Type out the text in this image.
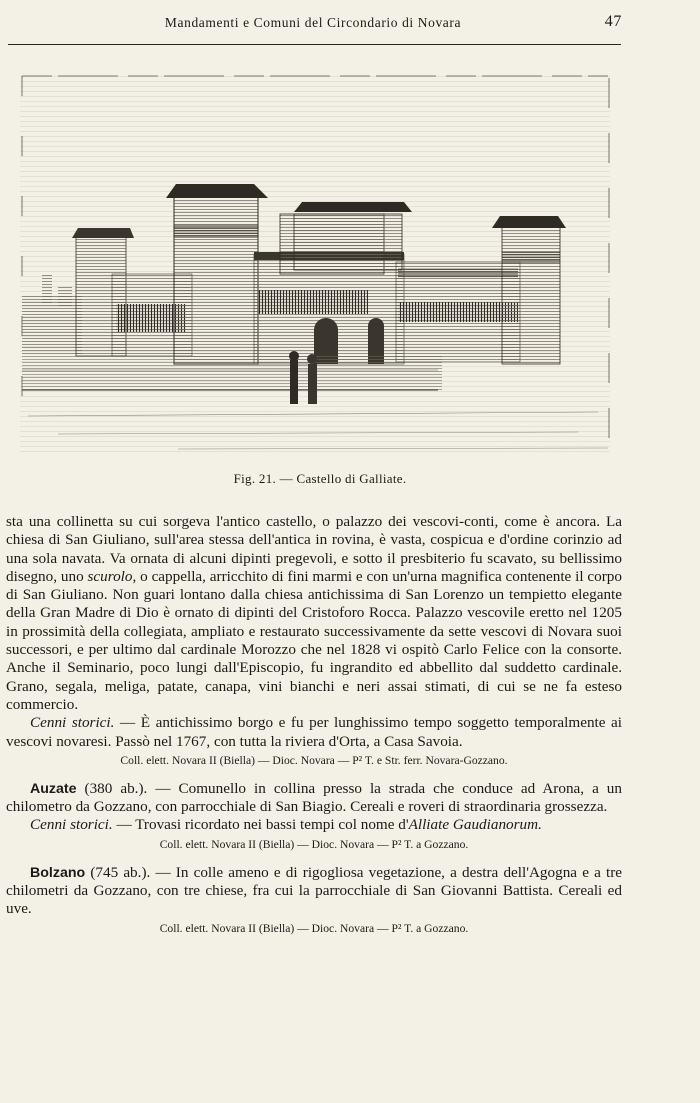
Mandamenti e Comuni del Circondario di Novara	47
Fig. 21. — Castello di Galliate.

sta una collinetta su cui sorgeva l'antico castello, o palazzo dei vescovi-conti, come è ancora. La chiesa di San Giuliano, sull'area stessa dell'antica in rovina, è vasta, cospicua e d'ordine corinzio ad una sola navata. Va ornata di alcuni dipinti pregevoli, e sotto il presbiterio fu scavato, su bellissimo disegno, uno scurolo, o cappella, arricchito di fini marmi e con un'urna magnifica contenente il corpo di San Giuliano. Non guari lontano dalla chiesa antichissima di San Lorenzo un tempietto elegante della Gran Madre di Dio è ornato di dipinti del Cristoforo Rocca. Palazzo vescovile eretto nel 1205 in prossimità della collegiata, ampliato e restaurato successivamente da sette vescovi di Novara suoi successori, e per ultimo dal cardinale Morozzo che nel 1828 vi ospitò Carlo Felice con la consorte. Anche il Seminario, poco lungi dall'Episcopio, fu ingrandito ed abbellito dal suddetto cardinale. Grano, segala, meliga, patate, canapa, vini bianchi e neri assai stimati, di cui se ne fa esteso commercio.

Cenni storici. — È antichissimo borgo e fu per lunghissimo tempo soggetto temporalmente ai vescovi novaresi. Passò nel 1767, con tutta la riviera d'Orta, a Casa Savoia.

Coll. elett. Novara II (Biella) — Dioc. Novara — P² T. e Str. ferr. Novara-Gozzano.

Auzate (380 ab.). — Comunello in collina presso la strada che conduce ad Arona, a un chilometro da Gozzano, con parrocchiale di San Biagio. Cereali e roveri di straordinaria grossezza.

Cenni storici. — Trovasi ricordato nei bassi tempi col nome d'Alliate Gaudianorum.

Coll. elett. Novara II (Biella) — Dioc. Novara — P² T. a Gozzano.

Bolzano (745 ab.). — In colle ameno e di rigogliosa vegetazione, a destra dell'Agogna e a tre chilometri da Gozzano, con tre chiese, fra cui la parrocchiale di San Giovanni Battista. Cereali ed uve.

Coll. elett. Novara II (Biella) — Dioc. Novara — P² T. a Gozzano.
